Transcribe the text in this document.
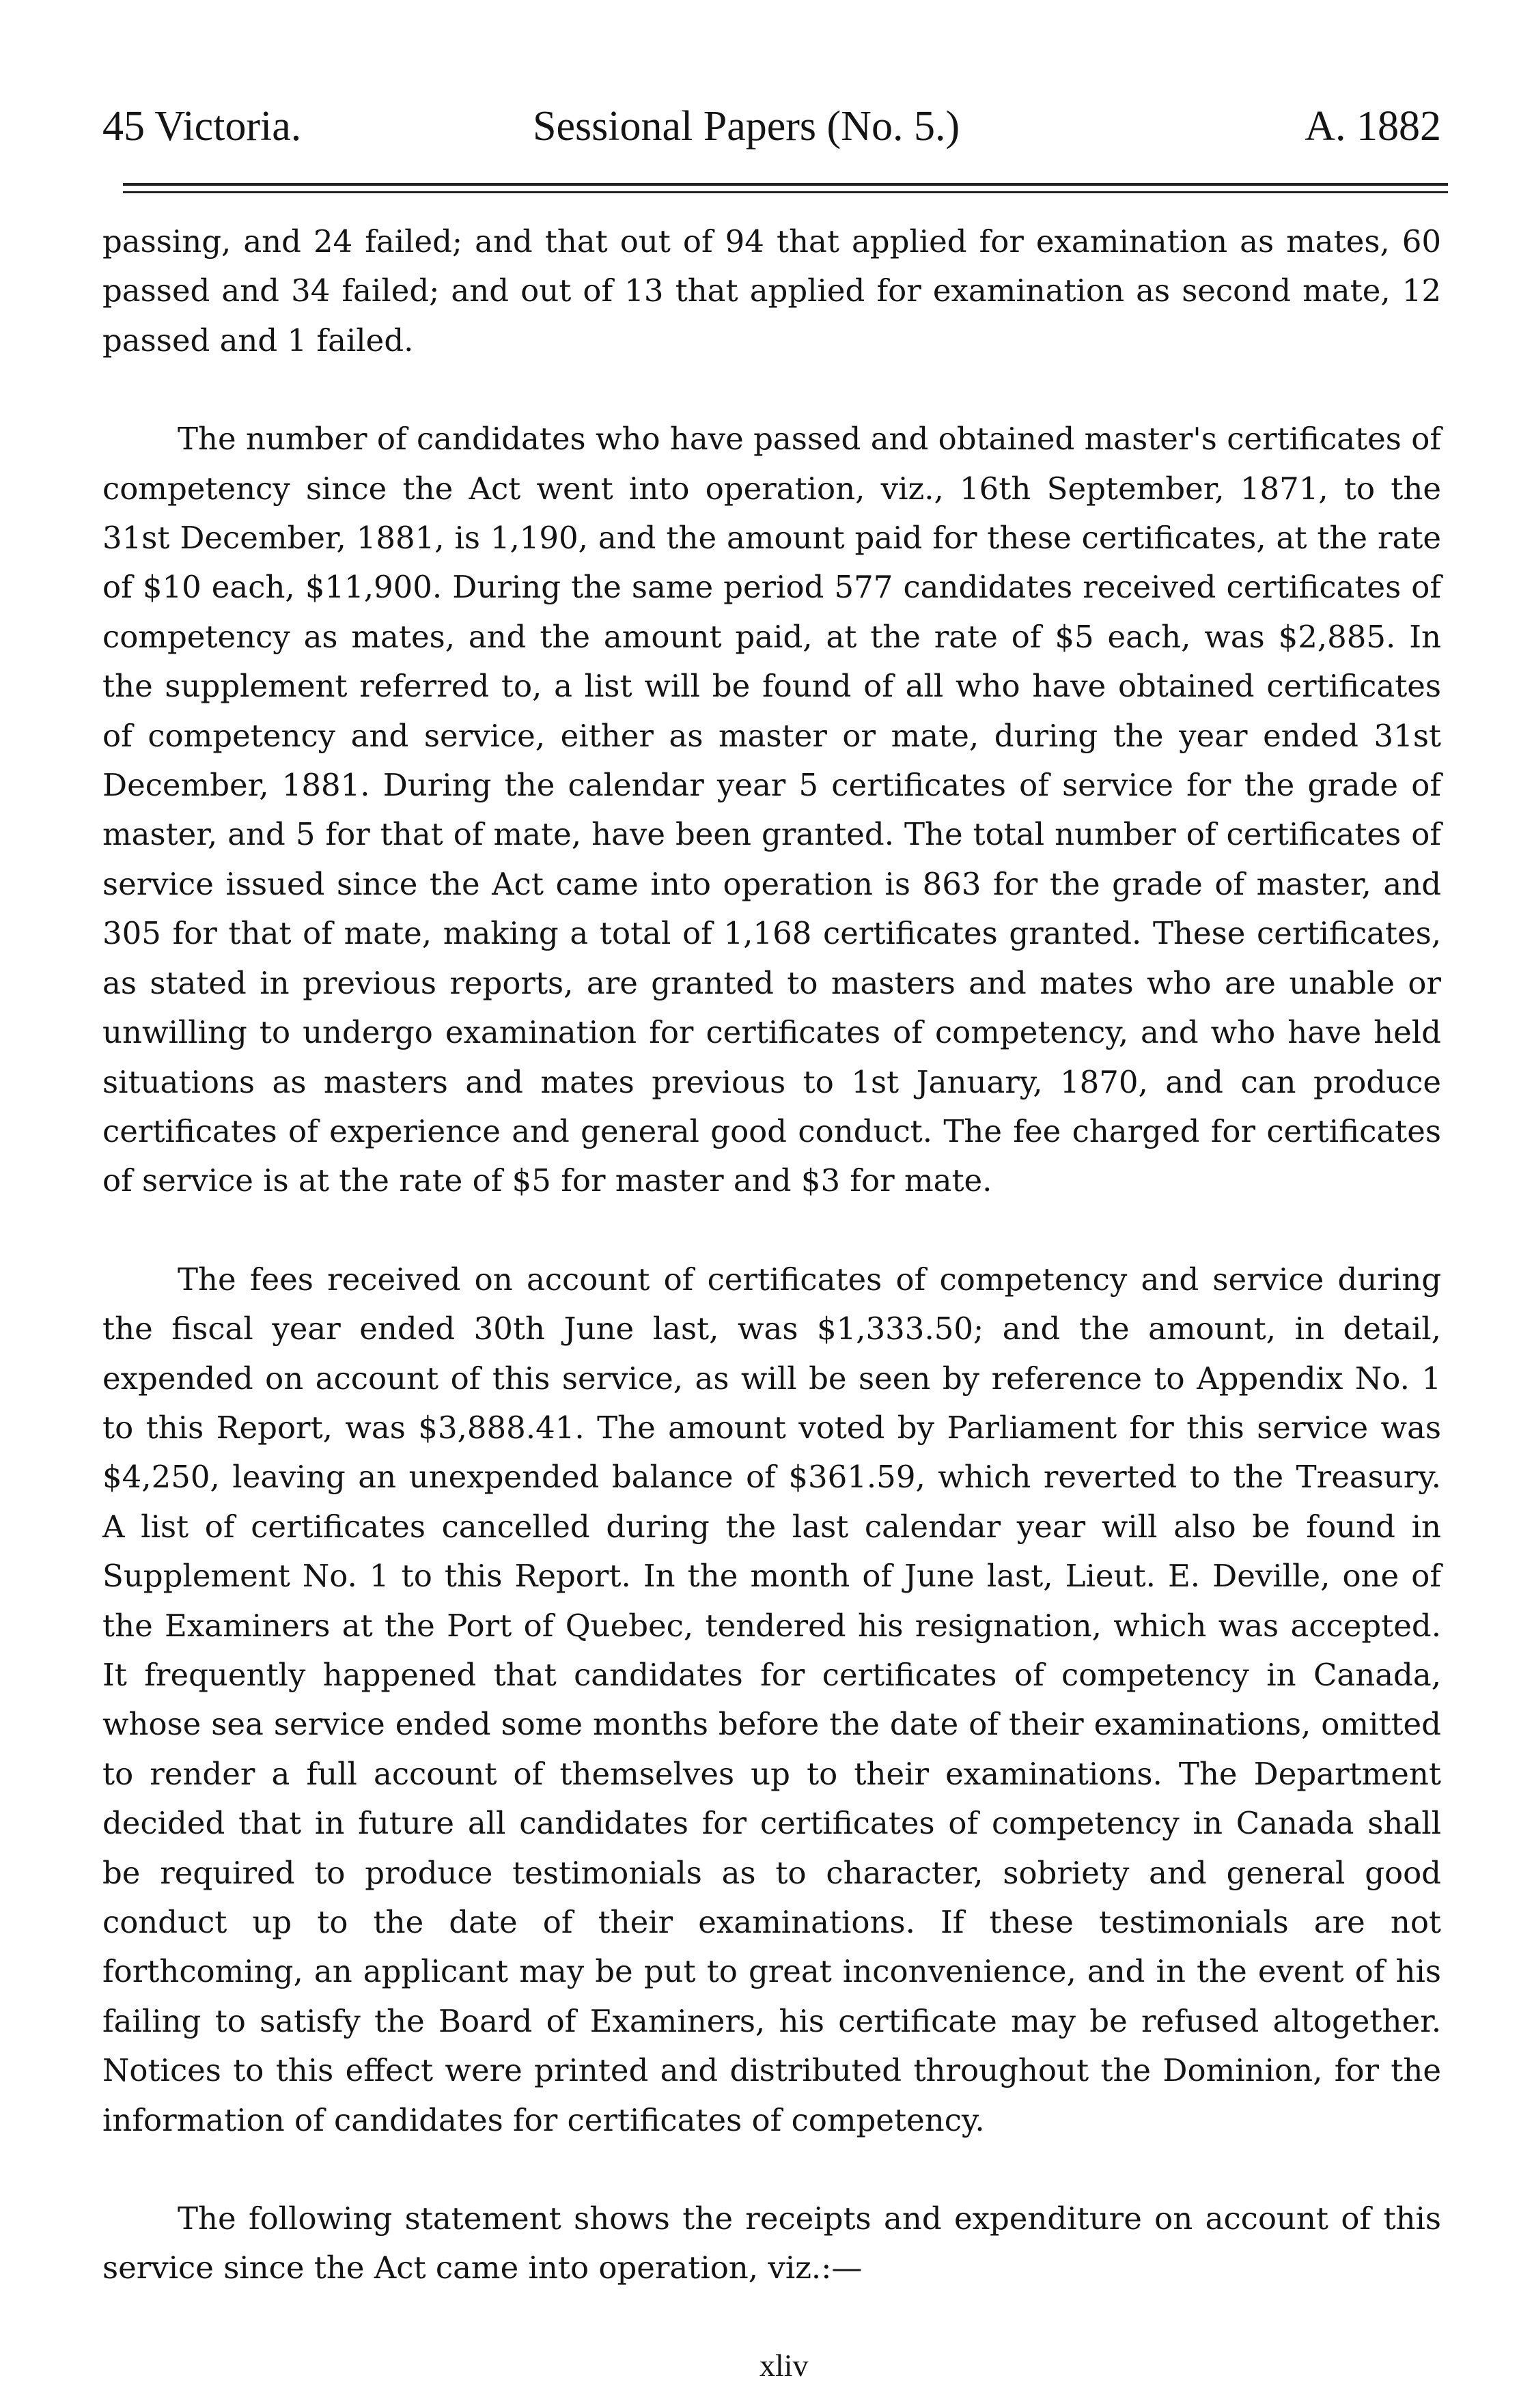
45 Victoria.	Sessional Papers (No. 5.)	A. 1882

passing, and 24 failed; and that out of 94 that applied for examination as mates, 60 passed and 34 failed; and out of 13 that applied for examination as second mate, 12 passed and 1 failed.

The number of candidates who have passed and obtained master's certificates of competency since the Act went into operation, viz., 16th September, 1871, to the 31st December, 1881, is 1,190, and the amount paid for these certificates, at the rate of $10 each, $11,900. During the same period 577 candidates received certificates of competency as mates, and the amount paid, at the rate of $5 each, was $2,885. In the supplement referred to, a list will be found of all who have obtained certificates of competency and service, either as master or mate, during the year ended 31st December, 1881. During the calendar year 5 certificates of service for the grade of master, and 5 for that of mate, have been granted. The total number of certificates of service issued since the Act came into operation is 863 for the grade of master, and 305 for that of mate, making a total of 1,168 certificates granted. These certificates, as stated in previous reports, are granted to masters and mates who are unable or unwilling to undergo examination for certificates of competency, and who have held situations as masters and mates previous to 1st January, 1870, and can produce certificates of experience and general good conduct. The fee charged for certificates of service is at the rate of $5 for master and $3 for mate.

The fees received on account of certificates of competency and service during the fiscal year ended 30th June last, was $1,333.50; and the amount, in detail, expended on account of this service, as will be seen by reference to Appendix No. 1 to this Report, was $3,888.41. The amount voted by Parliament for this service was $4,250, leaving an unexpended balance of $361.59, which reverted to the Treasury. A list of certificates cancelled during the last calendar year will also be found in Supplement No. 1 to this Report. In the month of June last, Lieut. E. Deville, one of the Examiners at the Port of Quebec, tendered his resignation, which was accepted. It frequently happened that candidates for certificates of competency in Canada, whose sea service ended some months before the date of their examinations, omitted to render a full account of themselves up to their examinations. The Department decided that in future all candidates for certificates of competency in Canada shall be required to produce testimonials as to character, sobriety and general good conduct up to the date of their examinations. If these testimonials are not forthcoming, an applicant may be put to great inconvenience, and in the event of his failing to satisfy the Board of Examiners, his certificate may be refused altogether. Notices to this effect were printed and distributed throughout the Dominion, for the information of candidates for certificates of competency.

The following statement shows the receipts and expenditure on account of this service since the Act came into operation, viz.:—

xliv
